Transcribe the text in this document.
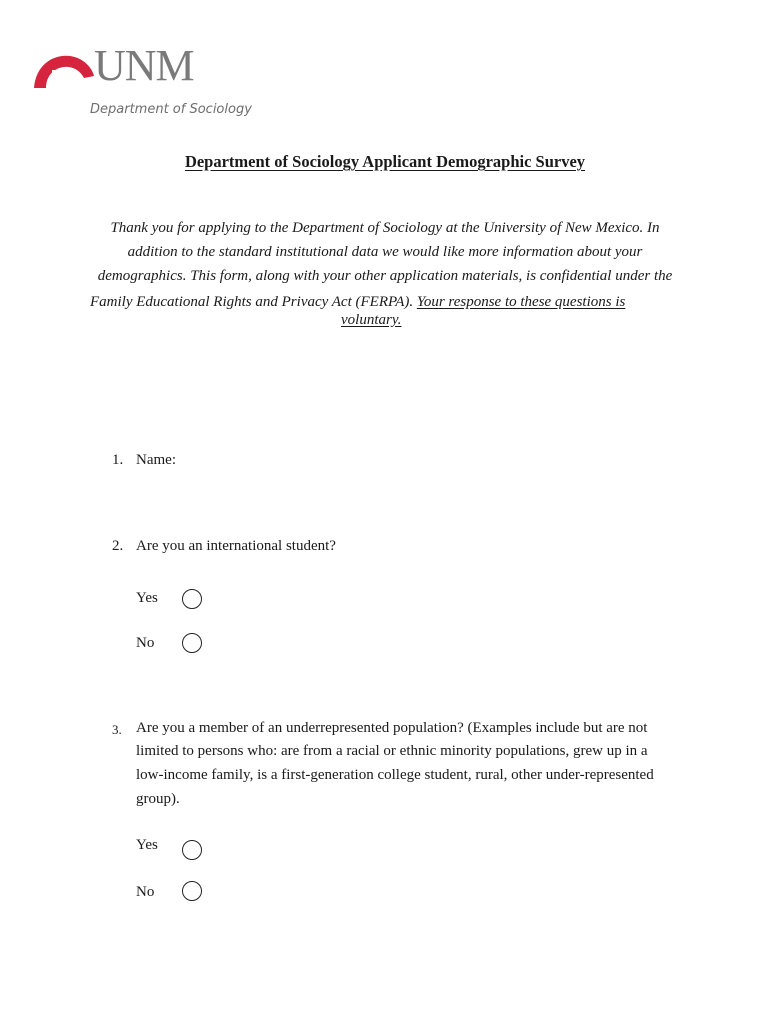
UNM
Department of Sociology
Department of Sociology Applicant Demographic Survey
Thank you for applying to the Department of Sociology at the University of New Mexico. In
addition to the standard institutional data we would like more information about your
demographics. This form, along with your other application materials, is confidential under the
Family Educational Rights and Privacy Act (FERPA). Your response to these questions is
voluntary.
1. Name:
2. Are you an international student?
Yes
No
3. Are you a member of an underrepresented population? (Examples include but are not
limited to persons who: are from a racial or ethnic minority populations, grew up in a
low-income family, is a first-generation college student, rural, other under-represented
group).
Yes
No
